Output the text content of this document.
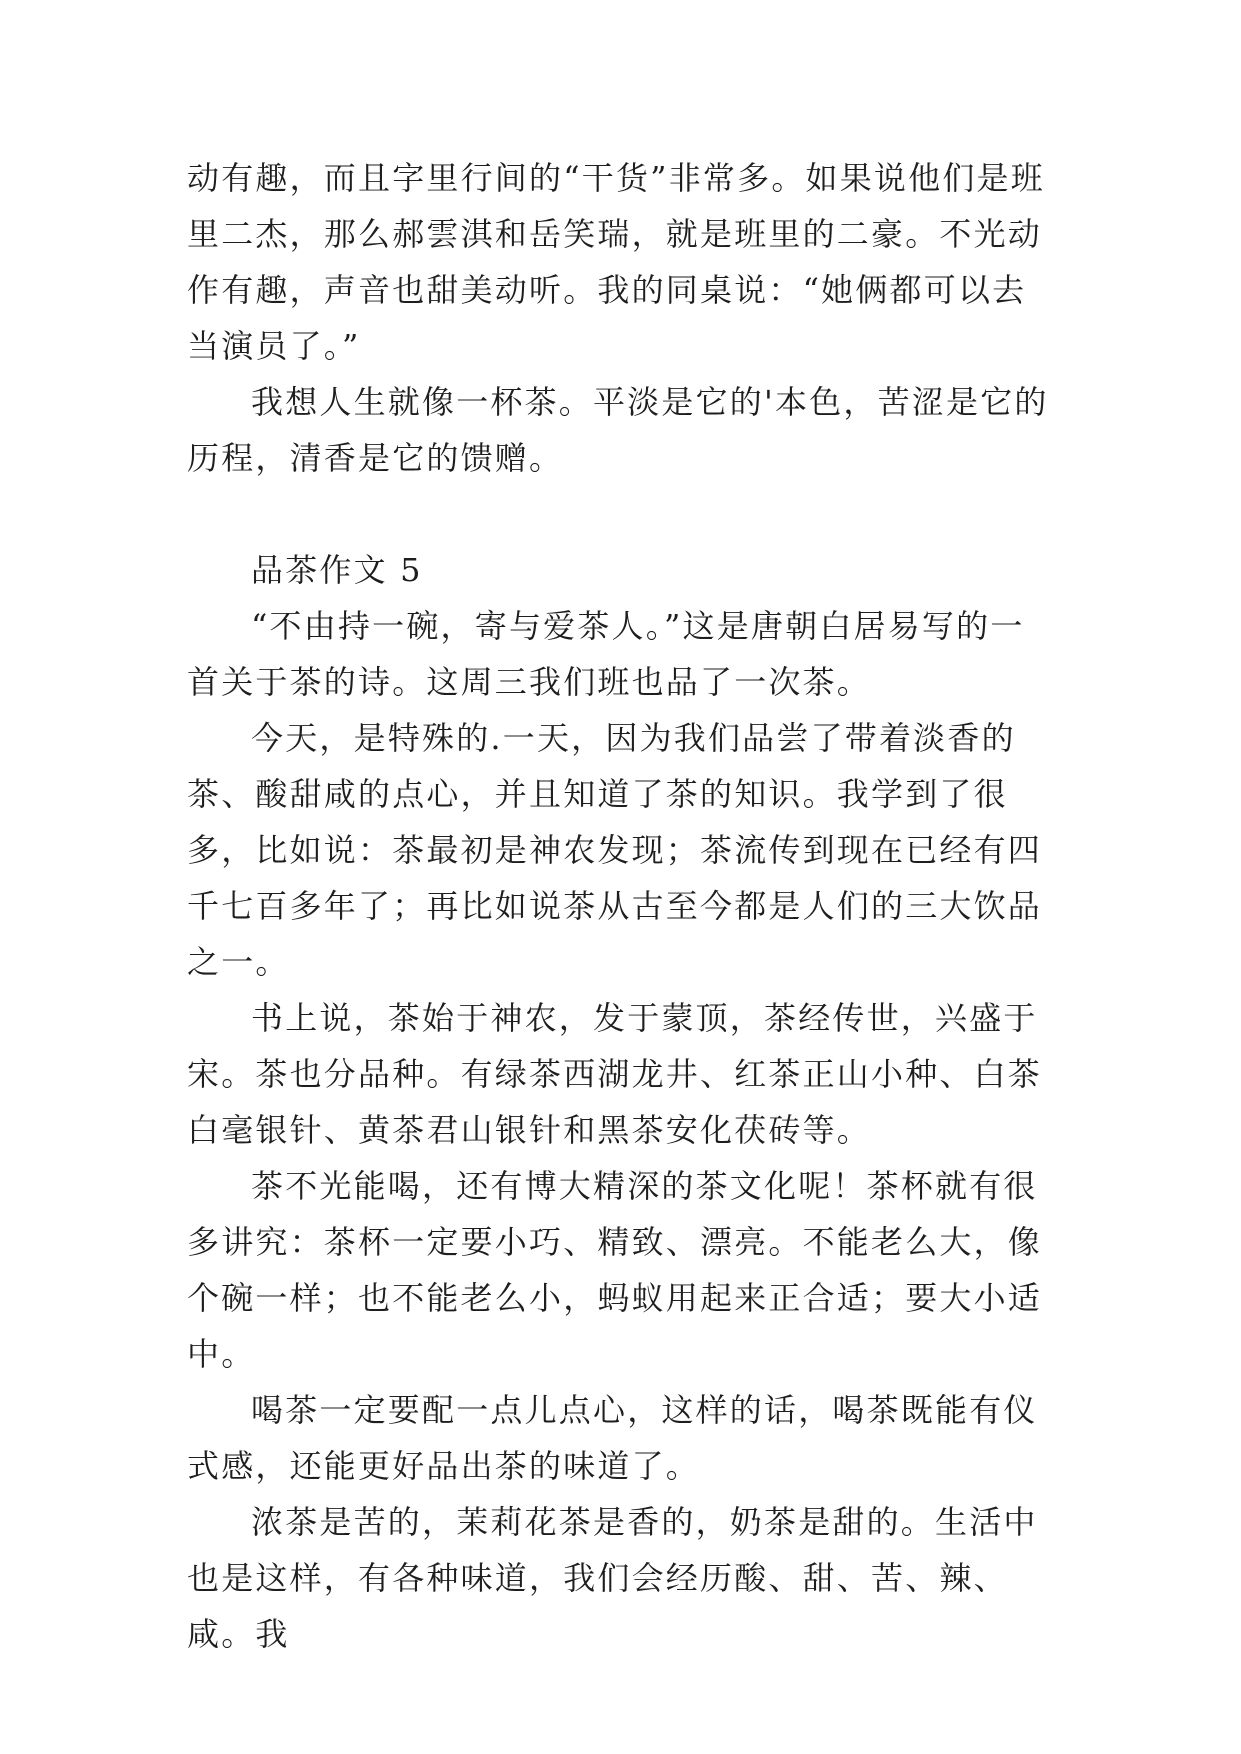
动有趣，而且字里行间的“干货”非常多。如果说他们是班里二杰，那么郝雲淇和岳笑瑞，就是班里的二豪。不光动作有趣，声音也甜美动听。我的同桌说：“她俩都可以去当演员了。”

我想人生就像一杯茶。平淡是它的'本色，苦涩是它的历程，清香是它的馈赠。

品茶作文 5

“不由持一碗，寄与爱茶人。”这是唐朝白居易写的一首关于茶的诗。这周三我们班也品了一次茶。

今天，是特殊的.一天，因为我们品尝了带着淡香的茶、酸甜咸的点心，并且知道了茶的知识。我学到了很多，比如说：茶最初是神农发现；茶流传到现在已经有四千七百多年了；再比如说茶从古至今都是人们的三大饮品之一。

书上说，茶始于神农，发于蒙顶，茶经传世，兴盛于宋。茶也分品种。有绿茶西湖龙井、红茶正山小种、白茶白毫银针、黄茶君山银针和黑茶安化茯砖等。

茶不光能喝，还有博大精深的茶文化呢！茶杯就有很多讲究：茶杯一定要小巧、精致、漂亮。不能老么大，像个碗一样；也不能老么小，蚂蚁用起来正合适；要大小适中。

喝茶一定要配一点儿点心，这样的话，喝茶既能有仪式感，还能更好品出茶的味道了。

浓茶是苦的，茉莉花茶是香的，奶茶是甜的。生活中也是这样，有各种味道，我们会经历酸、甜、苦、辣、咸。我
